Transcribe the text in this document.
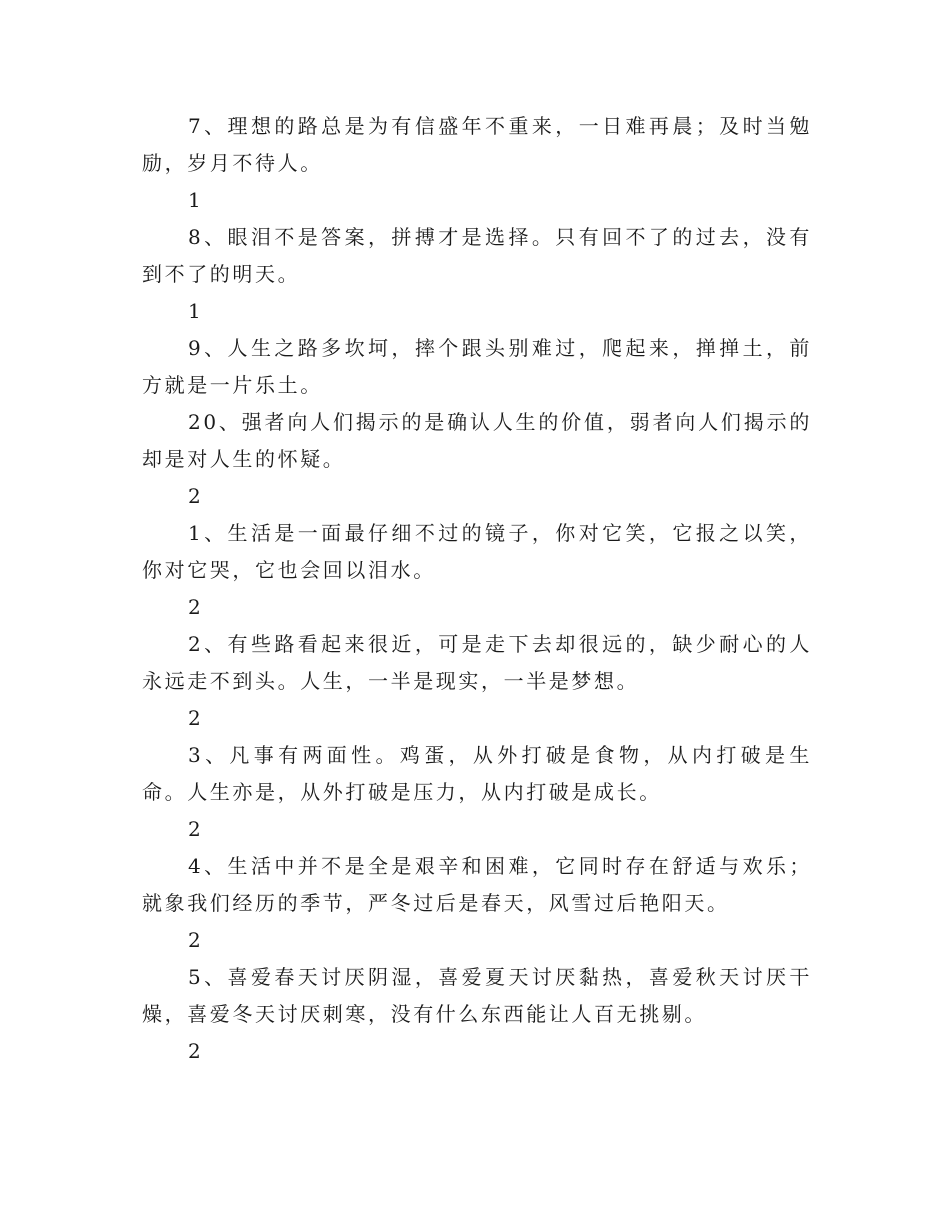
7、理想的路总是为有信盛年不重来，一日难再晨；及时当勉励，岁月不待人。

1

8、眼泪不是答案，拼搏才是选择。只有回不了的过去，没有到不了的明天。

1

9、人生之路多坎坷，摔个跟头别难过，爬起来，掸掸土，前方就是一片乐土。

20、强者向人们揭示的是确认人生的价值，弱者向人们揭示的却是对人生的怀疑。

2

1、生活是一面最仔细不过的镜子，你对它笑，它报之以笑，你对它哭，它也会回以泪水。

2

2、有些路看起来很近，可是走下去却很远的，缺少耐心的人永远走不到头。人生，一半是现实，一半是梦想。

2

3、凡事有两面性。鸡蛋，从外打破是食物，从内打破是生命。人生亦是，从外打破是压力，从内打破是成长。

2

4、生活中并不是全是艰辛和困难，它同时存在舒适与欢乐；就象我们经历的季节，严冬过后是春天，风雪过后艳阳天。

2

5、喜爱春天讨厌阴湿，喜爱夏天讨厌黏热，喜爱秋天讨厌干燥，喜爱冬天讨厌刺寒，没有什么东西能让人百无挑剔。

2
